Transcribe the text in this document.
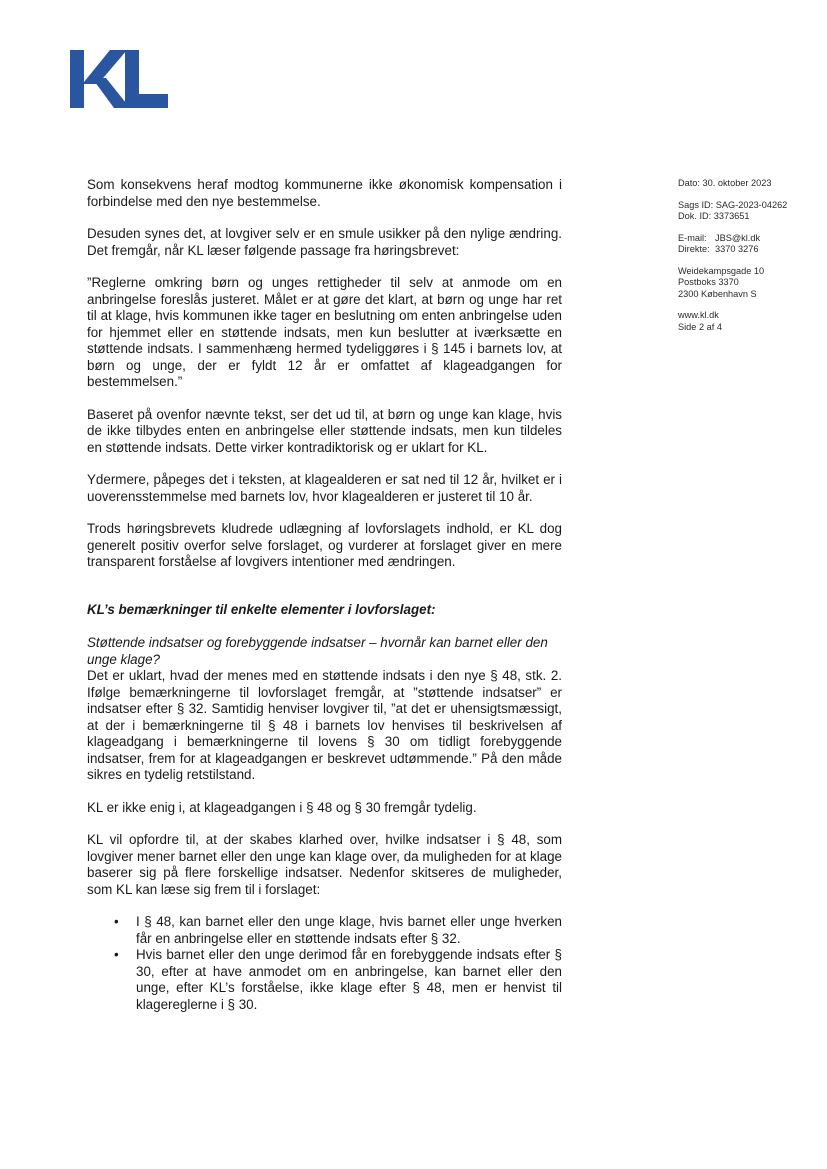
Dato: 30. oktober 2023
Sags ID: SAG-2023-04262
Dok. ID: 3373651
E-mail: JBS@kl.dk
Direkte: 3370 3276
Weidekampsgade 10
Postboks 3370
2300 København S
www.kl.dk
Side 2 af 4

Som konsekvens heraf modtog kommunerne ikke økonomisk kompensation i forbindelse med den nye bestemmelse.

Desuden synes det, at lovgiver selv er en smule usikker på den nylige ændring. Det fremgår, når KL læser følgende passage fra høringsbrevet:

”Reglerne omkring børn og unges rettigheder til selv at anmode om en anbringelse foreslås justeret. Målet er at gøre det klart, at børn og unge har ret til at klage, hvis kommunen ikke tager en beslutning om enten anbringelse uden for hjemmet eller en støttende indsats, men kun beslutter at iværksætte en støttende indsats. I sammenhæng hermed tydeliggøres i § 145 i barnets lov, at børn og unge, der er fyldt 12 år er omfattet af klageadgangen for bestemmelsen.”

Baseret på ovenfor nævnte tekst, ser det ud til, at børn og unge kan klage, hvis de ikke tilbydes enten en anbringelse eller støttende indsats, men kun tildeles en støttende indsats. Dette virker kontradiktorisk og er uklart for KL.

Ydermere, påpeges det i teksten, at klagealderen er sat ned til 12 år, hvilket er i uoverensstemmelse med barnets lov, hvor klagealderen er justeret til 10 år.

Trods høringsbrevets kludrede udlægning af lovforslagets indhold, er KL dog generelt positiv overfor selve forslaget, og vurderer at forslaget giver en mere transparent forståelse af lovgivers intentioner med ændringen.

KL’s bemærkninger til enkelte elementer i lovforslaget:

Støttende indsatser og forebyggende indsatser – hvornår kan barnet eller den unge klage?

Det er uklart, hvad der menes med en støttende indsats i den nye § 48, stk. 2. Ifølge bemærkningerne til lovforslaget fremgår, at ”støttende indsatser” er indsatser efter § 32. Samtidig henviser lovgiver til, ”at det er uhensigtsmæssigt, at der i bemærkningerne til § 48 i barnets lov henvises til beskrivelsen af klageadgang i bemærkningerne til lovens § 30 om tidligt forebyggende indsatser, frem for at klageadgangen er beskrevet udtømmende.” På den måde sikres en tydelig retstilstand.

KL er ikke enig i, at klageadgangen i § 48 og § 30 fremgår tydelig.

KL vil opfordre til, at der skabes klarhed over, hvilke indsatser i § 48, som lovgiver mener barnet eller den unge kan klage over, da muligheden for at klage baserer sig på flere forskellige indsatser. Nedenfor skitseres de muligheder, som KL kan læse sig frem til i forslaget:

• I § 48, kan barnet eller den unge klage, hvis barnet eller unge hverken får en anbringelse eller en støttende indsats efter § 32.
• Hvis barnet eller den unge derimod får en forebyggende indsats efter § 30, efter at have anmodet om en anbringelse, kan barnet eller den unge, efter KL’s forståelse, ikke klage efter § 48, men er henvist til klagereglerne i § 30.
